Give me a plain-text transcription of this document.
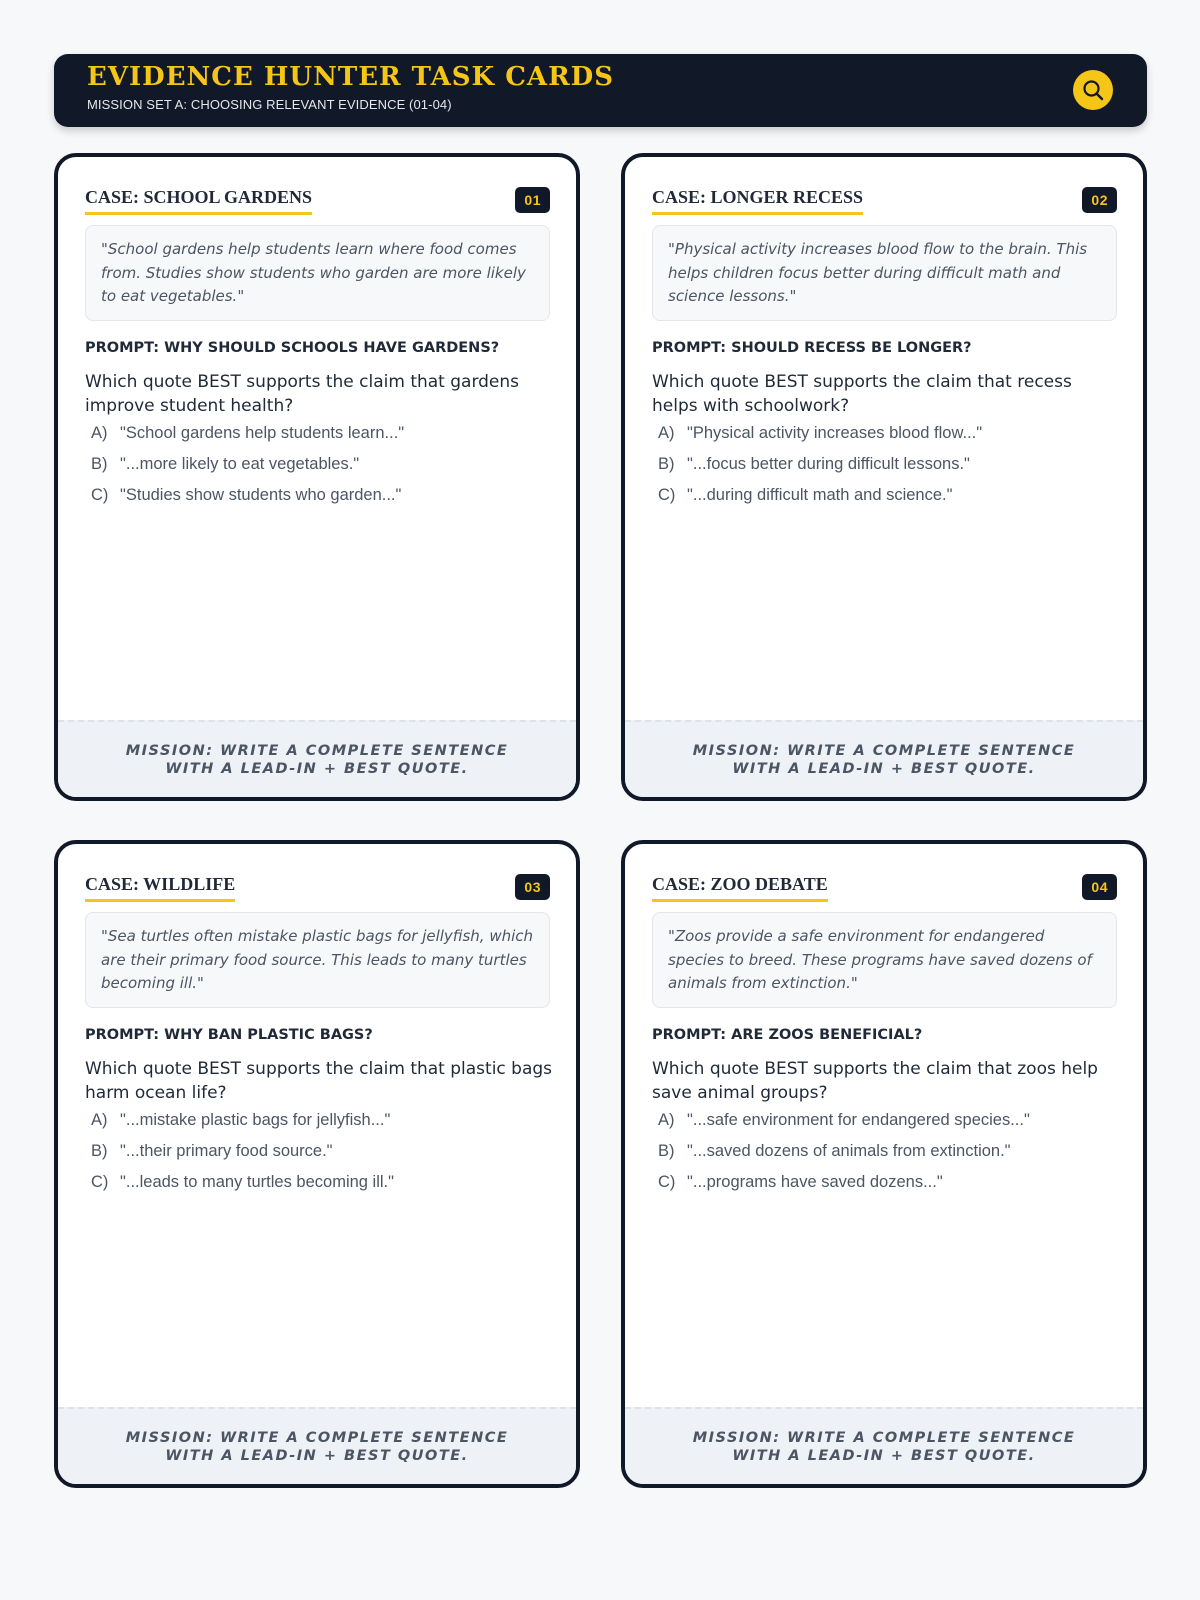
EVIDENCE HUNTER TASK CARDS
MISSION SET A: CHOOSING RELEVANT EVIDENCE (01-04)
CASE: SCHOOL GARDENS	01
"School gardens help students learn where food comes from. Studies show students who garden are more likely to eat vegetables."
PROMPT: WHY SHOULD SCHOOLS HAVE GARDENS?
Which quote BEST supports the claim that gardens improve student health?
A) "School gardens help students learn..."
B) "...more likely to eat vegetables."
C) "Studies show students who garden..."
MISSION: WRITE A COMPLETE SENTENCE WITH A LEAD-IN + BEST QUOTE.
CASE: LONGER RECESS	02
"Physical activity increases blood flow to the brain. This helps children focus better during difficult math and science lessons."
PROMPT: SHOULD RECESS BE LONGER?
Which quote BEST supports the claim that recess helps with schoolwork?
A) "Physical activity increases blood flow..."
B) "...focus better during difficult lessons."
C) "...during difficult math and science."
MISSION: WRITE A COMPLETE SENTENCE WITH A LEAD-IN + BEST QUOTE.
CASE: WILDLIFE	03
"Sea turtles often mistake plastic bags for jellyfish, which are their primary food source. This leads to many turtles becoming ill."
PROMPT: WHY BAN PLASTIC BAGS?
Which quote BEST supports the claim that plastic bags harm ocean life?
A) "...mistake plastic bags for jellyfish..."
B) "...their primary food source."
C) "...leads to many turtles becoming ill."
MISSION: WRITE A COMPLETE SENTENCE WITH A LEAD-IN + BEST QUOTE.
CASE: ZOO DEBATE	04
"Zoos provide a safe environment for endangered species to breed. These programs have saved dozens of animals from extinction."
PROMPT: ARE ZOOS BENEFICIAL?
Which quote BEST supports the claim that zoos help save animal groups?
A) "...safe environment for endangered species..."
B) "...saved dozens of animals from extinction."
C) "...programs have saved dozens..."
MISSION: WRITE A COMPLETE SENTENCE WITH A LEAD-IN + BEST QUOTE.
